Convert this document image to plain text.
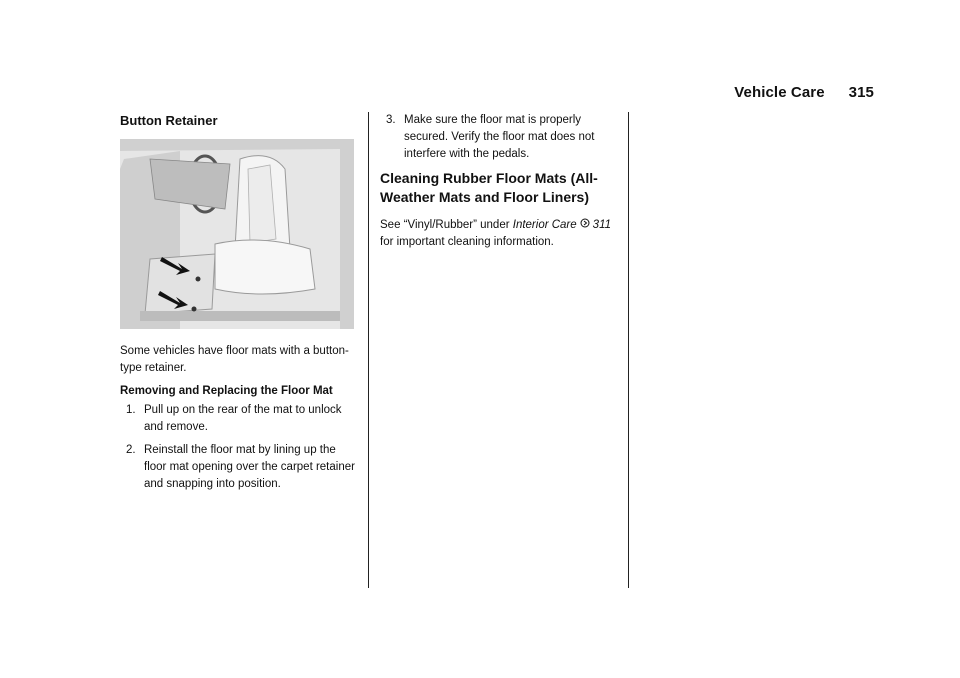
Vehicle Care 315
Button Retainer

Some vehicles have floor mats with a button-type retainer.

Removing and Replacing the Floor Mat
1. Pull up on the rear of the mat to unlock and remove.
2. Reinstall the floor mat by lining up the floor mat opening over the carpet retainer and snapping into position.
3. Make sure the floor mat is properly secured. Verify the floor mat does not interfere with the pedals.
Cleaning Rubber Floor Mats (All-Weather Mats and Floor Liners)

See “Vinyl/Rubber” under Interior Care 311
for important cleaning information.
